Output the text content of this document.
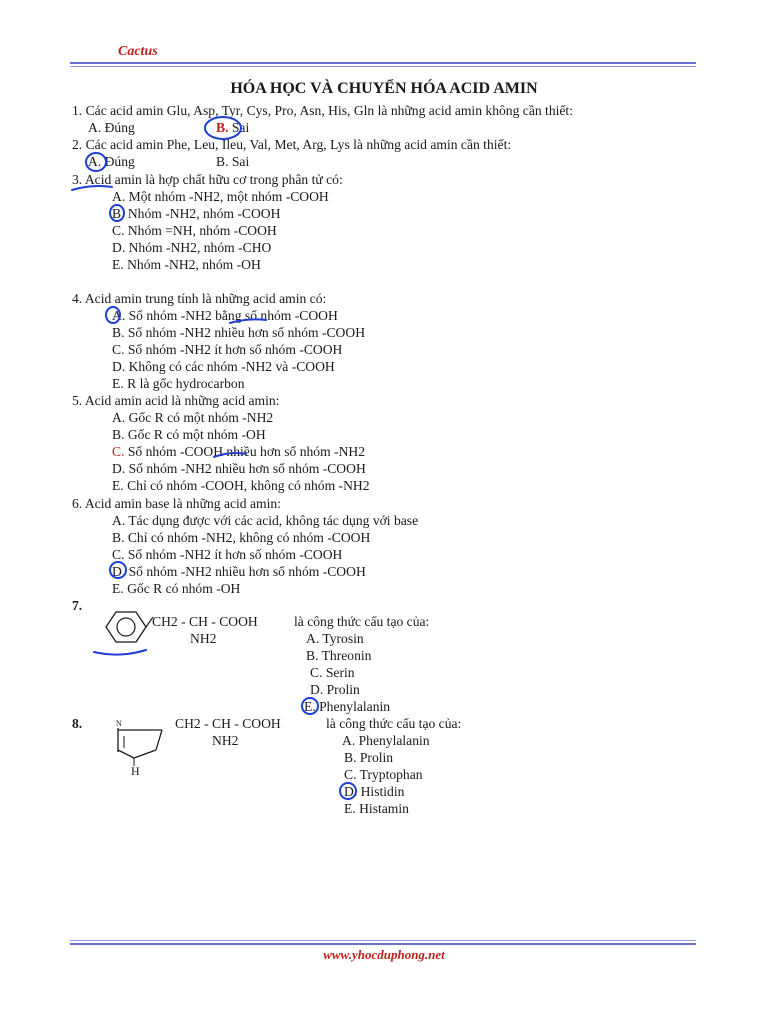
Cactus
HÓA HỌC VÀ CHUYỂN HÓA ACID AMIN
1. Các acid amin Glu, Asp, Tyr, Cys, Pro, Asn, His, Gln là những acid amin không cần thiết:
A. Đúng	B. Sai
2. Các acid amin Phe, Leu, Ileu, Val, Met, Arg, Lys là những acid amin cần thiết:
A. Đúng	B. Sai
3. Acid amin là hợp chất hữu cơ trong phân tử có:
A. Một nhóm -NH2, một nhóm -COOH
B. Nhóm -NH2, nhóm -COOH
C. Nhóm =NH, nhóm -COOH
D. Nhóm -NH2, nhóm -CHO
E. Nhóm -NH2, nhóm -OH
4. Acid amin trung tính là những acid amin có:
A. Số nhóm -NH2 bằng số nhóm -COOH
B. Số nhóm -NH2 nhiều hơn số nhóm -COOH
C. Số nhóm -NH2 ít hơn số nhóm -COOH
D. Không có các nhóm -NH2 và -COOH
E. R là gốc hydrocarbon
5. Acid amin acid là những acid amin:
A. Gốc R có một nhóm -NH2
B. Gốc R có một nhóm -OH
C. Số nhóm -COOH nhiều hơn số nhóm -NH2
D. Số nhóm -NH2 nhiều hơn số nhóm -COOH
E. Chỉ có nhóm -COOH, không có nhóm -NH2
6. Acid amin base là những acid amin:
A. Tác dụng được với các acid, không tác dụng với base
B. Chỉ có nhóm -NH2, không có nhóm -COOH
C. Số nhóm -NH2 ít hơn số nhóm -COOH
D. Số nhóm -NH2 nhiều hơn số nhóm -COOH
E. Gốc R có nhóm -OH
7.
CH2 - CH - COOH
NH2
là công thức cấu tạo của:
A. Tyrosin
B. Threonin
C. Serin
D. Prolin
E. Phenylalanin
8.	N
H
CH2 - CH - COOH
NH2
là công thức cấu tạo của:
A. Phenylalanin
B. Prolin
C. Tryptophan
D. Histidin
E. Histamin
www.yhocduphong.net
